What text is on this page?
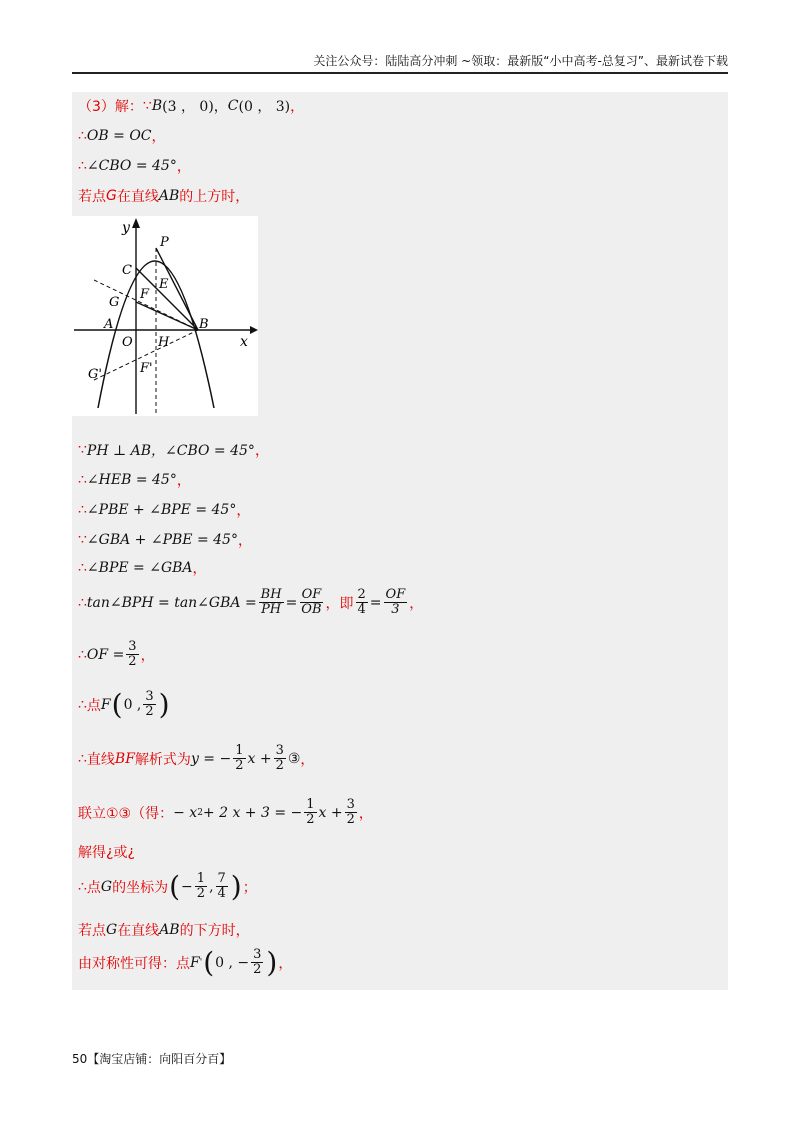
关注公众号：陆陆高分冲刺 ~领取：最新版“小中高考-总复习”、最新试卷下载
（3）解： ∵ B (3 ， 0) ， C (0 ， 3) ，
∴ OB = OC ，
∴ ∠CBO = 45° ，
若点 G 在直线 AB 的上方时，
y
x
P
C
E
F
G
A
O H
B
G'	F'
∵ PH ⊥ AB，∠CBO = 45° ，
∴ ∠HEB = 45° ，
∴ ∠PBE + ∠BPE = 45° ，
∵ ∠GBA + ∠PBE = 45° ，
∴ ∠BPE = ∠GBA ，
∴ tan∠BPH = tan∠GBA = $\frac{BH}{PH} = \frac{OF}{OB}$ ，即 $\frac{2}{4} = \frac{OF}{3}$ ，
∴ OF = $\frac{3}{2}$ ，
∴ 点 F ( 0 , $\frac{3}{2}$ )
∴ 直线 BF 解析式为 y = − $\frac{1}{2}$ $x + \frac{3}{2}$ ③ ，
联立①③（得： − x 2 + 2 x + 3 = − $\frac{1}{2}$ $x + \frac{3}{2}$ ，
解得 ¿ 或 ¿
∴ 点 G 的坐标为 ( − $\frac{1}{2}$ , $\frac{7}{4}$ ) ；
若点 G 在直线 AB 的下方时，
由对称性可得：点 F ' ( 0 , − $\frac{3}{2}$ ) ，
50【淘宝店铺：向阳百分百】
